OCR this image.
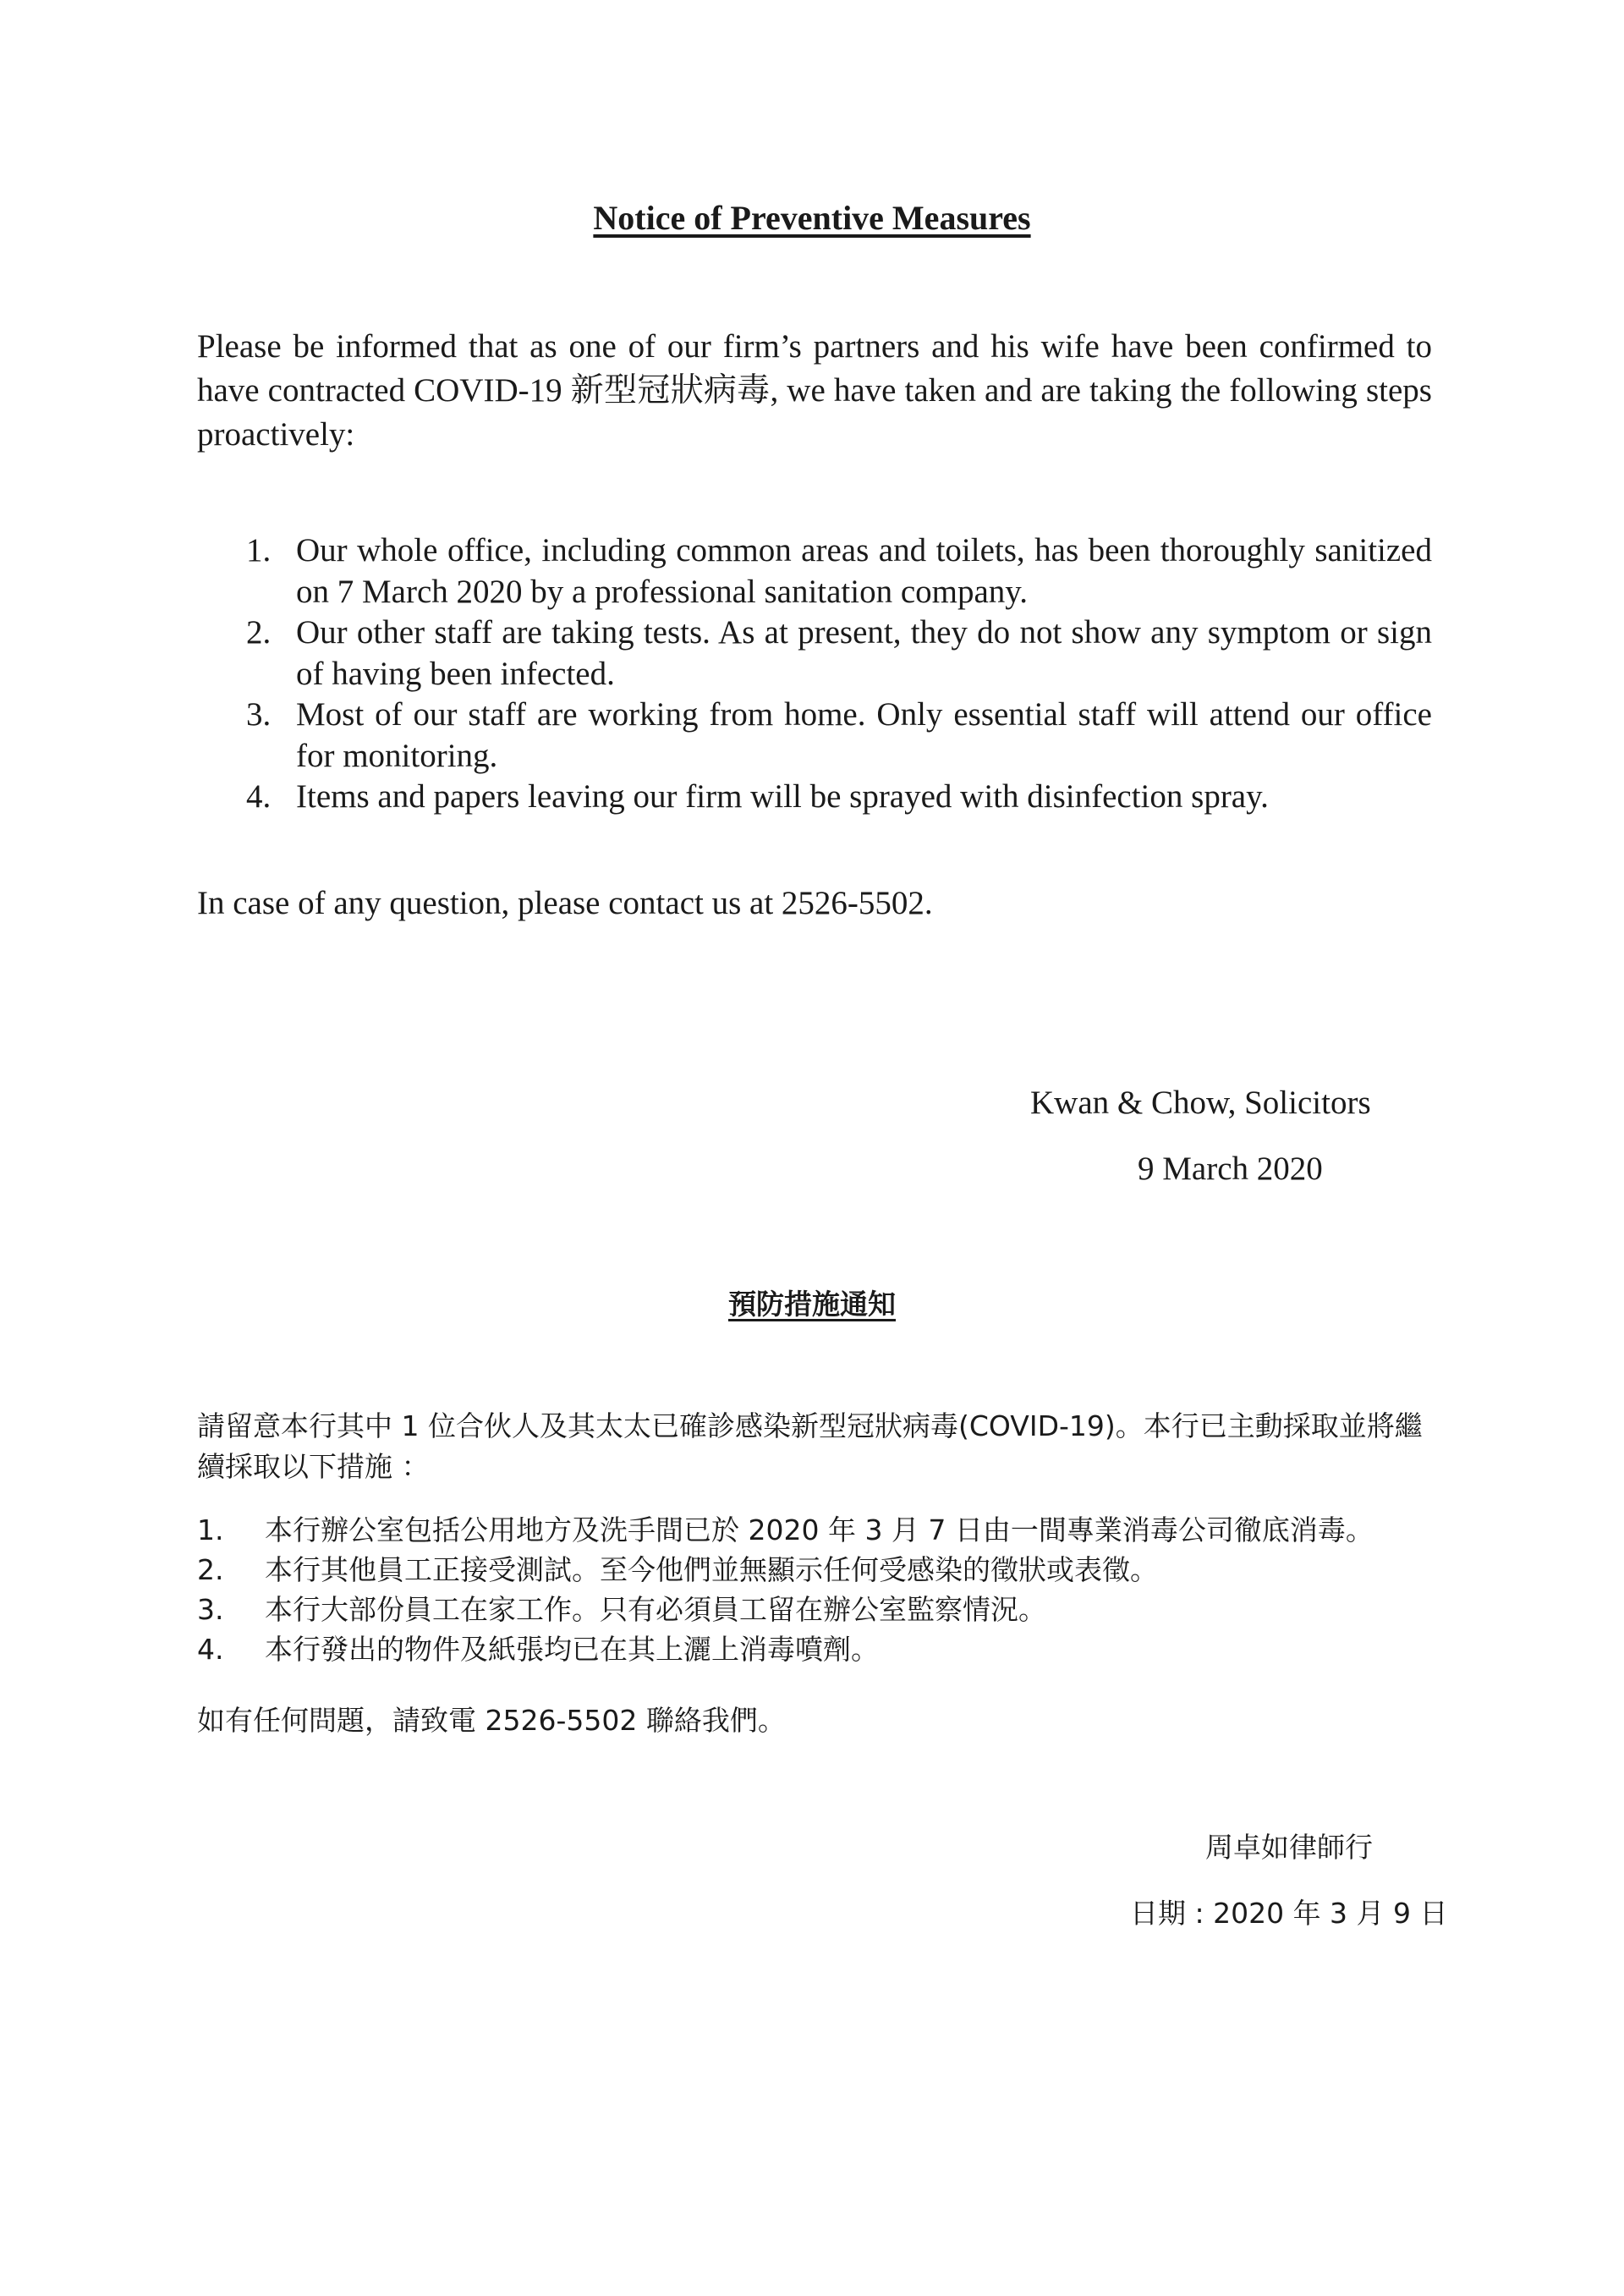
Notice of Preventive Measures

Please be informed that as one of our firm’s partners and his wife have been confirmed to have contracted COVID-19 新型冠狀病毒, we have taken and are taking the following steps proactively:

1. Our whole office, including common areas and toilets, has been thoroughly sanitized on 7 March 2020 by a professional sanitation company.
2. Our other staff are taking tests. As at present, they do not show any symptom or sign of having been infected.
3. Most of our staff are working from home. Only essential staff will attend our office for monitoring.
4. Items and papers leaving our firm will be sprayed with disinfection spray.

In case of any question, please contact us at 2526-5502.

Kwan & Chow, Solicitors
9 March 2020
預防措施通知

請留意本行其中 1 位合伙人及其太太已確診感染新型冠狀病毒(COVID-19)。本行已主動採取並將繼續採取以下措施 ：

1. 本行辦公室包括公用地方及洗手間已於 2020 年 3 月 7 日由一間專業消毒公司徹底消毒。
2. 本行其他員工正接受測試。至今他們並無顯示任何受感染的徵狀或表徵。
3. 本行大部份員工在家工作。只有必須員工留在辦公室監察情況。
4. 本行發出的物件及紙張均已在其上灑上消毒噴劑。

如有任何問題，請致電 2526-5502 聯絡我們。

周卓如律師行
日期 : 2020 年 3 月 9 日
